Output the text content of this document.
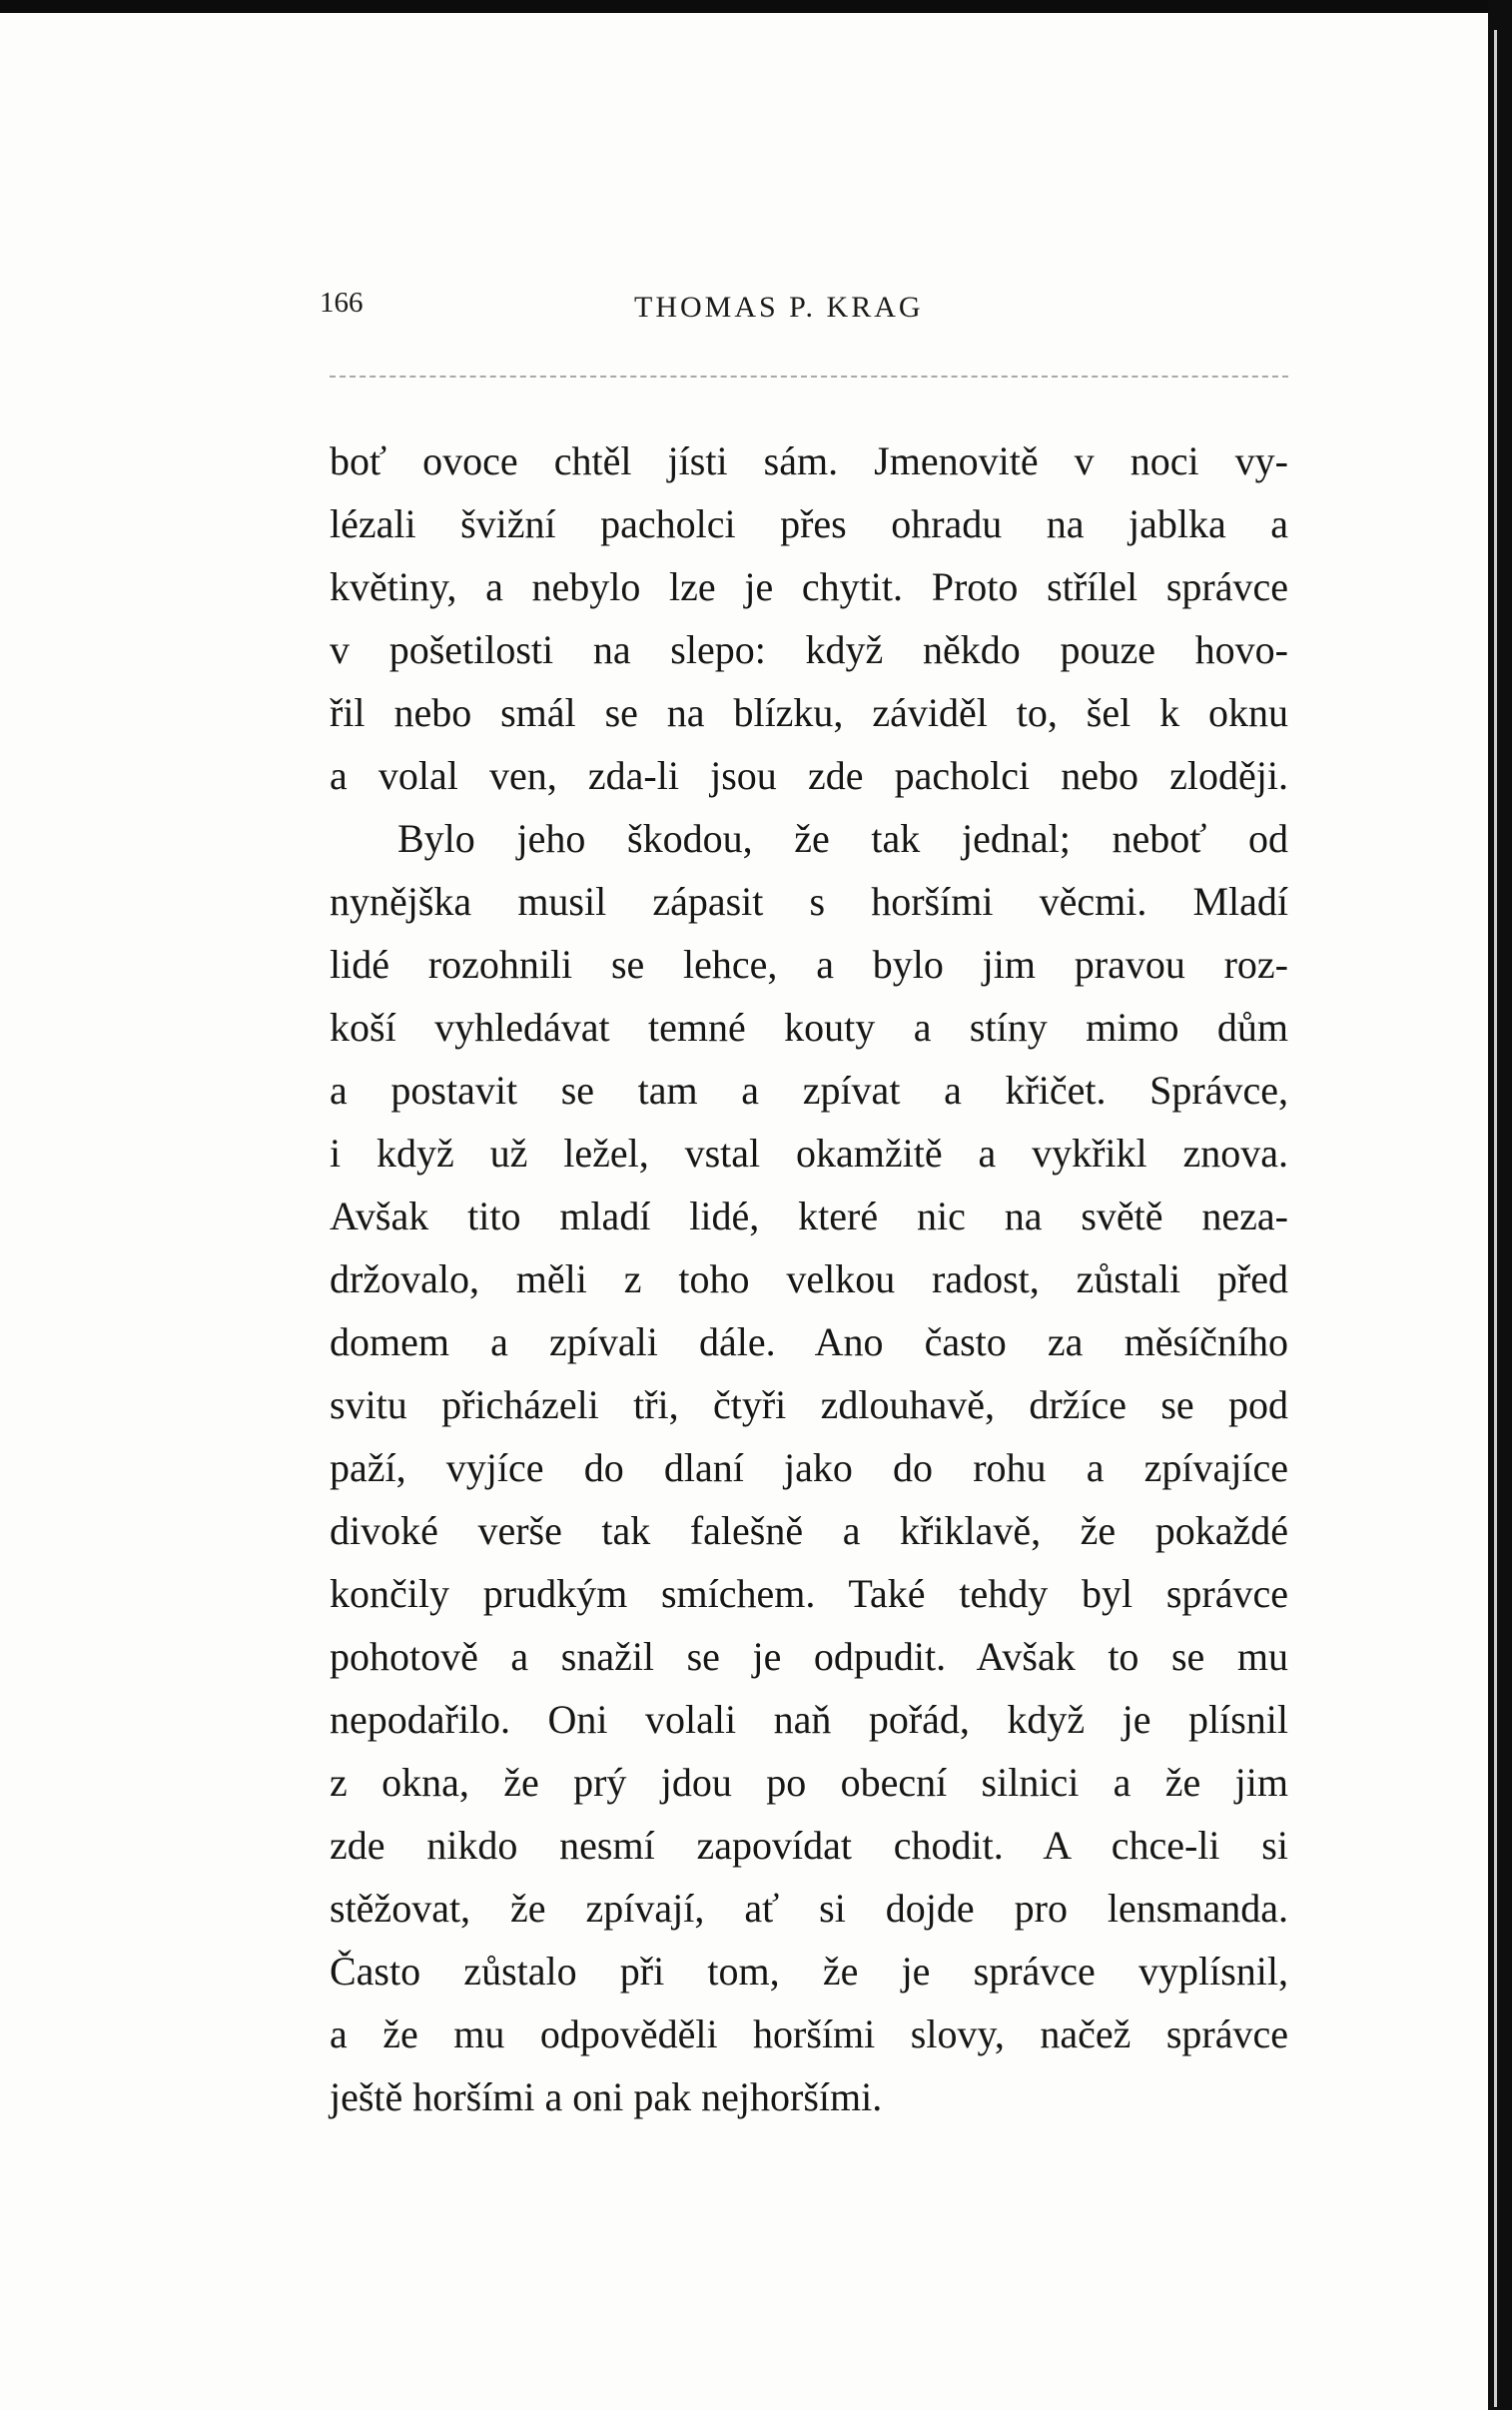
166	THOMAS P. KRAG
boť ovoce chtěl jísti sám. Jmenovitě v noci vy-
lézali švižní pacholci přes ohradu na jablka a
květiny, a nebylo lze je chytit. Proto střílel správce
v pošetilosti na slepo: když někdo pouze hovo-
řil nebo smál se na blízku, záviděl to, šel k oknu
a volal ven, zda-li jsou zde pacholci nebo zloději.
Bylo jeho škodou, že tak jednal; neboť od
nynějška musil zápasit s horšími věcmi. Mladí
lidé rozohnili se lehce, a bylo jim pravou roz-
koší vyhledávat temné kouty a stíny mimo dům
a postavit se tam a zpívat a křičet. Správce,
i když už ležel, vstal okamžitě a vykřikl znova.
Avšak tito mladí lidé, které nic na světě neza-
držovalo, měli z toho velkou radost, zůstali před
domem a zpívali dále. Ano často za měsíčního
svitu přicházeli tři, čtyři zdlouhavě, držíce se pod
paží, vyjíce do dlaní jako do rohu a zpívajíce
divoké verše tak falešně a křiklavě, že pokaždé
končily prudkým smíchem. Také tehdy byl správce
pohotově a snažil se je odpudit. Avšak to se mu
nepodařilo. Oni volali naň pořád, když je plísnil
z okna, že prý jdou po obecní silnici a že jim
zde nikdo nesmí zapovídat chodit. A chce-li si
stěžovat, že zpívají, ať si dojde pro lensmanda.
Často zůstalo při tom, že je správce vyplísnil,
a že mu odpověděli horšími slovy, načež správce
ještě horšími a oni pak nejhoršími.
